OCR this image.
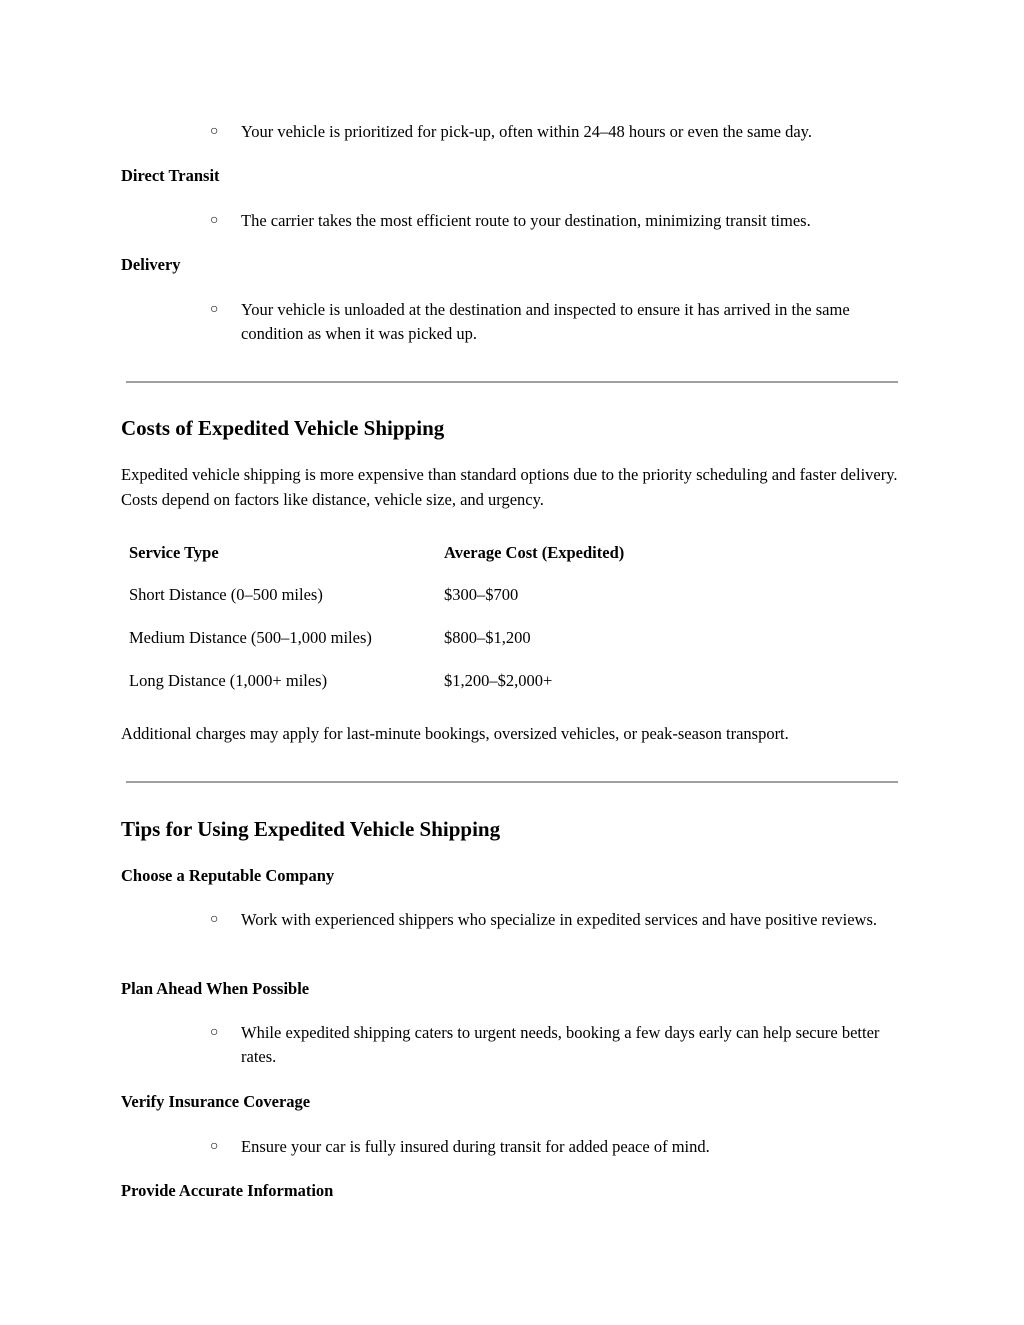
○ Your vehicle is prioritized for pick-up, often within 24–48 hours or even the same day.
Direct Transit
○ The carrier takes the most efficient route to your destination, minimizing transit times.
Delivery
○ Your vehicle is unloaded at the destination and inspected to ensure it has arrived in the same condition as when it was picked up.
Costs of Expedited Vehicle Shipping
Expedited vehicle shipping is more expensive than standard options due to the priority scheduling and faster delivery. Costs depend on factors like distance, vehicle size, and urgency.
Service Type	Average Cost (Expedited)
Short Distance (0–500 miles)	$300–$700
Medium Distance (500–1,000 miles)	$800–$1,200
Long Distance (1,000+ miles)	$1,200–$2,000+
Additional charges may apply for last-minute bookings, oversized vehicles, or peak-season transport.
Tips for Using Expedited Vehicle Shipping
Choose a Reputable Company
○ Work with experienced shippers who specialize in expedited services and have positive reviews.
Plan Ahead When Possible
○ While expedited shipping caters to urgent needs, booking a few days early can help secure better rates.
Verify Insurance Coverage
○ Ensure your car is fully insured during transit for added peace of mind.
Provide Accurate Information
